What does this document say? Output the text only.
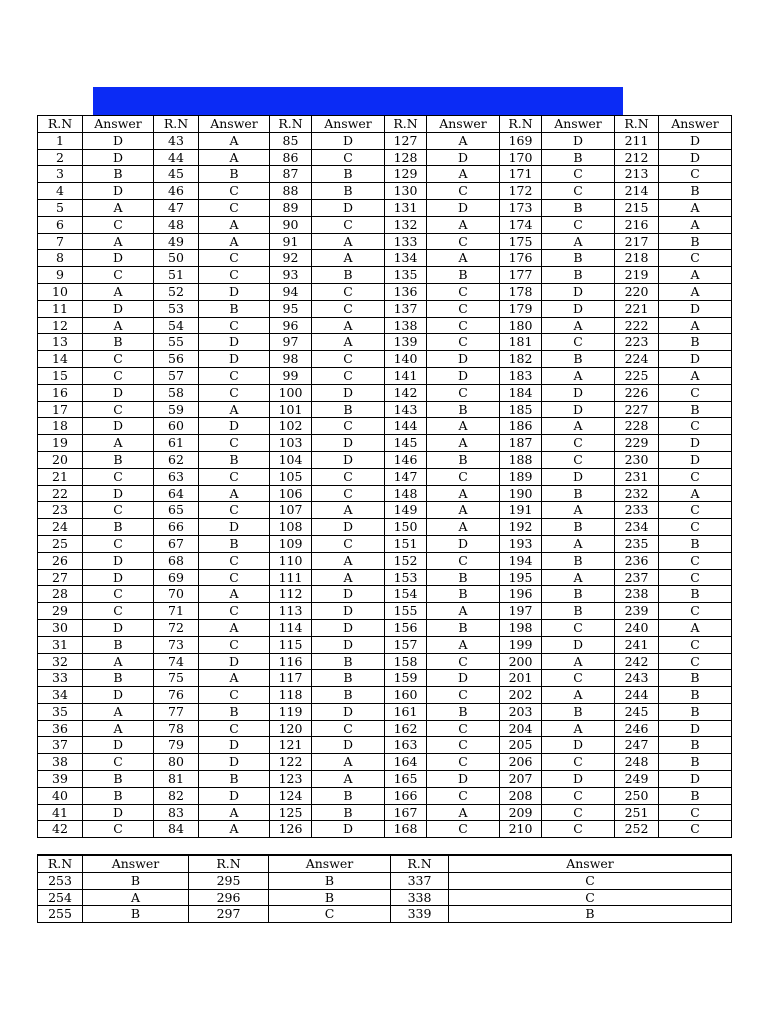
R.N	Answer	R.N	Answer	R.N	Answer	R.N	Answer	R.N	Answer	R.N	Answer
1	D	43	A	85	D	127	A	169	D	211	D
2	D	44	A	86	C	128	D	170	B	212	D
3	B	45	B	87	B	129	A	171	C	213	C
4	D	46	C	88	B	130	C	172	C	214	B
5	A	47	C	89	D	131	D	173	B	215	A
6	C	48	A	90	C	132	A	174	C	216	A
7	A	49	A	91	A	133	C	175	A	217	B
8	D	50	C	92	A	134	A	176	B	218	C
9	C	51	C	93	B	135	B	177	B	219	A
10	A	52	D	94	C	136	C	178	D	220	A
11	D	53	B	95	C	137	C	179	D	221	D
12	A	54	C	96	A	138	C	180	A	222	A
13	B	55	D	97	A	139	C	181	C	223	B
14	C	56	D	98	C	140	D	182	B	224	D
15	C	57	C	99	C	141	D	183	A	225	A
16	D	58	C	100	D	142	C	184	D	226	C
17	C	59	A	101	B	143	B	185	D	227	B
18	D	60	D	102	C	144	A	186	A	228	C
19	A	61	C	103	D	145	A	187	C	229	D
20	B	62	B	104	D	146	B	188	C	230	D
21	C	63	C	105	C	147	C	189	D	231	C
22	D	64	A	106	C	148	A	190	B	232	A
23	C	65	C	107	A	149	A	191	A	233	C
24	B	66	D	108	D	150	A	192	B	234	C
25	C	67	B	109	C	151	D	193	A	235	B
26	D	68	C	110	A	152	C	194	B	236	C
27	D	69	C	111	A	153	B	195	A	237	C
28	C	70	A	112	D	154	B	196	B	238	B
29	C	71	C	113	D	155	A	197	B	239	C
30	D	72	A	114	D	156	B	198	C	240	A
31	B	73	C	115	D	157	A	199	D	241	C
32	A	74	D	116	B	158	C	200	A	242	C
33	B	75	A	117	B	159	D	201	C	243	B
34	D	76	C	118	B	160	C	202	A	244	B
35	A	77	B	119	D	161	B	203	B	245	B
36	A	78	C	120	C	162	C	204	A	246	D
37	D	79	D	121	D	163	C	205	D	247	B
38	C	80	D	122	A	164	C	206	C	248	B
39	B	81	B	123	A	165	D	207	D	249	D
40	B	82	D	124	B	166	C	208	C	250	B
41	D	83	A	125	B	167	A	209	C	251	C
42	C	84	A	126	D	168	C	210	C	252	C
R.N	Answer	R.N	Answer	R.N	Answer
253	B	295	B	337	C
254	A	296	B	338	C
255	B	297	C	339	B
